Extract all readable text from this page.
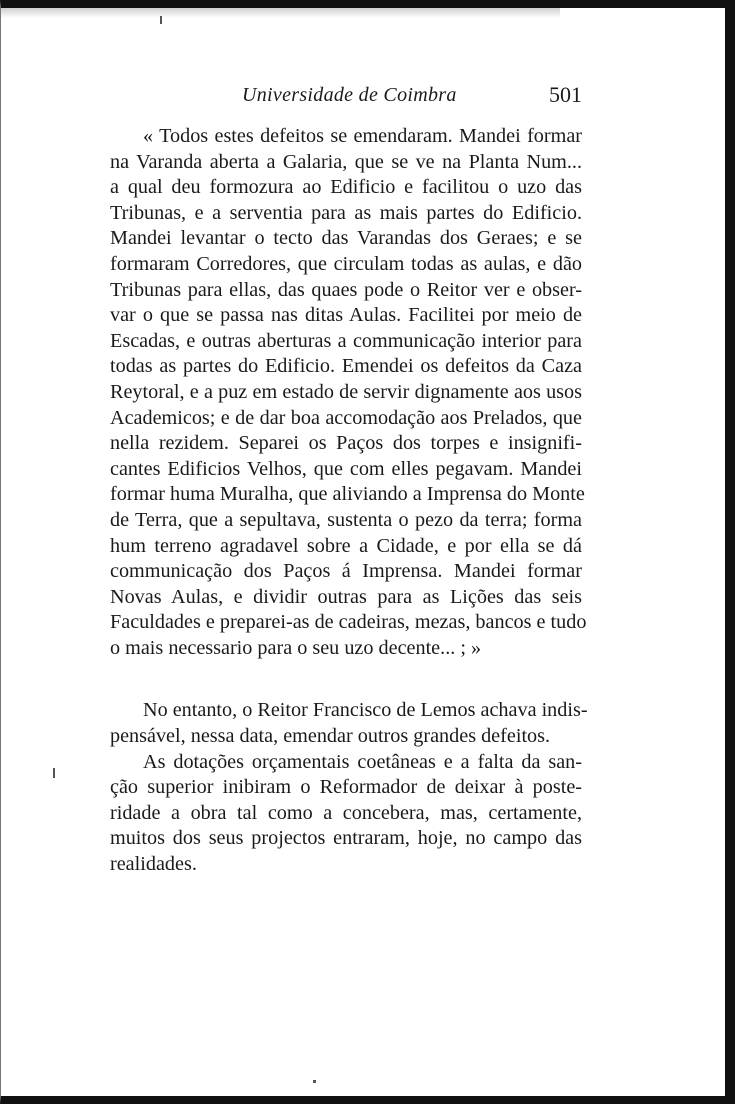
Universidade de Coimbra	501

« Todos estes defeitos se emendaram. Mandei formar
na Varanda aberta a Galaria, que se ve na Planta Num...
a qual deu formozura ao Edificio e facilitou o uzo das
Tribunas, e a serventia para as mais partes do Edificio.
Mandei levantar o tecto das Varandas dos Geraes; e se
formaram Corredores, que circulam todas as aulas, e dão
Tribunas para ellas, das quaes pode o Reitor ver e obser-
var o que se passa nas ditas Aulas. Facilitei por meio de
Escadas, e outras aberturas a communicação interior para
todas as partes do Edificio. Emendei os defeitos da Caza
Reytoral, e a puz em estado de servir dignamente aos usos
Academicos; e de dar boa accomodação aos Prelados, que
nella rezidem. Separei os Paços dos torpes e insignifi-
cantes Edificios Velhos, que com elles pegavam. Mandei
formar huma Muralha, que aliviando a Imprensa do Monte
de Terra, que a sepultava, sustenta o pezo da terra; forma
hum terreno agradavel sobre a Cidade, e por ella se dá
communicação dos Paços á Imprensa. Mandei formar
Novas Aulas, e dividir outras para as Lições das seis
Faculdades e preparei-as de cadeiras, mezas, bancos e tudo
o mais necessario para o seu uzo decente... ; »

No entanto, o Reitor Francisco de Lemos achava indis-
pensável, nessa data, emendar outros grandes defeitos.

As dotações orçamentais coetâneas e a falta da san-
ção superior inibiram o Reformador de deixar à poste-
ridade a obra tal como a concebera, mas, certamente,
muitos dos seus projectos entraram, hoje, no campo das
realidades.
